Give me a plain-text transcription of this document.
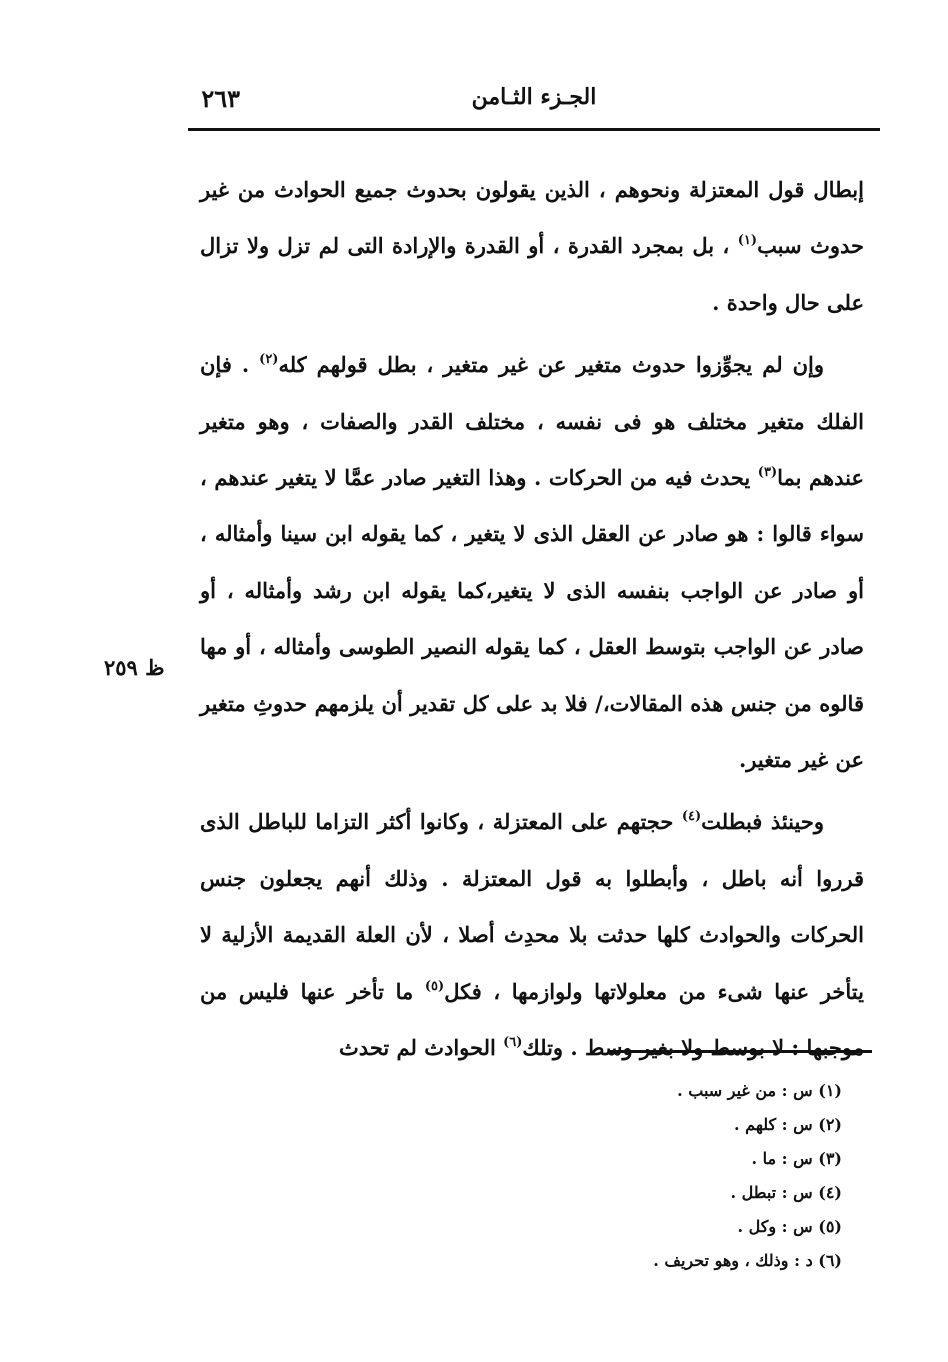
الجـزء الثـامن
٢٦٣

إبطال قول المعتزلة ونحوهم ، الذين يقولون بحدوث جميع الحوادث من غير حدوث سبب$^{(١)}$ ، بل بمجرد القدرة ، أو القدرة والإرادة التى لم تزل ولا تزال على حال واحدة .

وإن لم يجوِّزوا حدوث متغير عن غير متغير ، بطل قولهم كله$^{(٢)}$ . فإن الفلك متغير مختلف هو فى نفسه ، مختلف القدر والصفات ، وهو متغير عندهم بما$^{(٣)}$ يحدث فيه من الحركات . وهذا التغير صادر عمَّا لا يتغير عندهم ، سواء قالوا : هو صادر عن العقل الذى لا يتغير ، كما يقوله ابن سينا وأمثاله ، أو صادر عن الواجب بنفسه الذى لا يتغير،كما يقوله ابن رشد وأمثاله ، أو صادر عن الواجب بتوسط العقل ، كما يقوله النصير الطوسى وأمثاله ، أو مها قالوه من جنس هذه المقالات،/ فلا بد على كل تقدير أن يلزمهم حدوثِ متغير عن غير متغير.

وحينئذ فبطلت$^{(٤)}$ حجتهم على المعتزلة ، وكانوا أكثر التزاما للباطل الذى قرروا أنه باطل ، وأبطلوا به قول المعتزلة . وذلك أنهم يجعلون جنس الحركات والحوادث كلها حدثت بلا محدِث أصلا ، لأن العلة القديمة الأزلية لا يتأخر عنها شىء من معلولاتها ولوازمها ، فكل$^{(٥)}$ ما تأخر عنها فليس من موجبها : لا بوسط ولا بغير وسط . وتلك$^{(٦)}$ الحوادث لم تحدث

ظ ٢٥٩

(١) س : من غير سبب .

(٢) س : كلهم .

(٣) س : ما .

(٤) س : تبطل .

(٥) س : وكل .

(٦) د : وذلك ، وهو تحريف .
